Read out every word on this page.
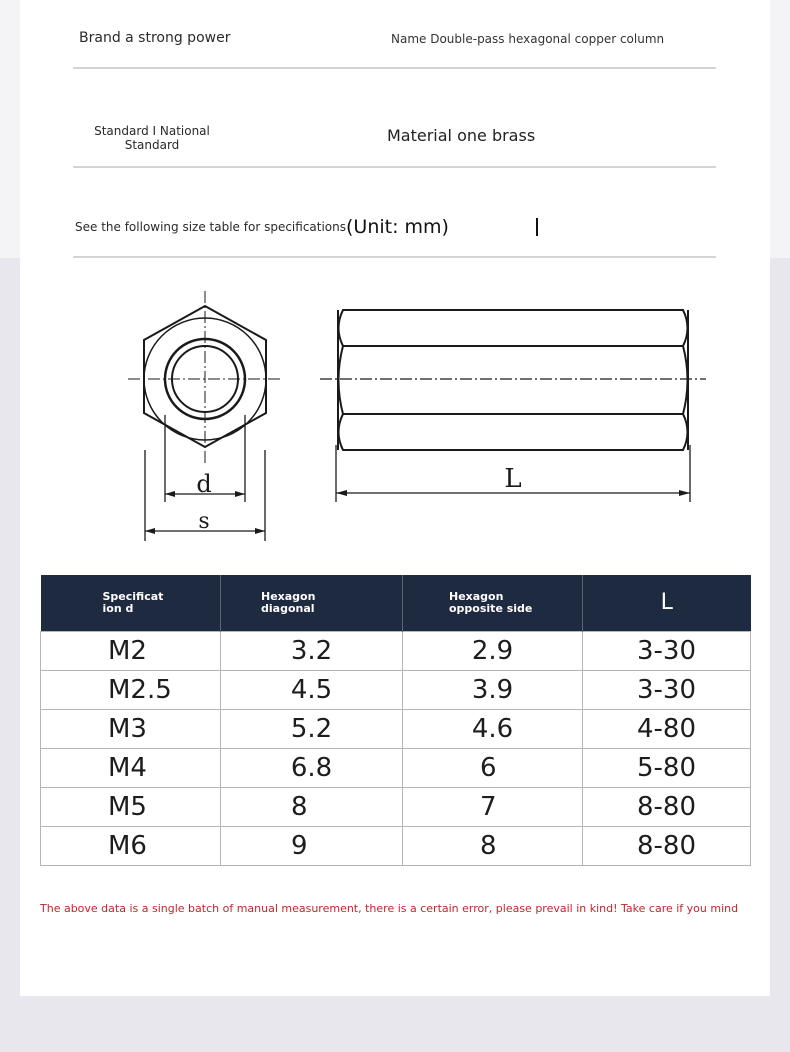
Brand a strong power	Name Double-pass hexagonal copper column
Standard I National Standard	Material one brass
See the following size table for specifications (Unit: mm)
d
s
L
Specification d	Hexagon diagonal	Hexagon opposite side	L

M2	3.2	2.9	3-30
M2.5	4.5	3.9	3-30
M3	5.2	4.6	4-80
M4	6.8	6	5-80
M5	8	7	8-80
M6	9	8	8-80
The above data is a single batch of manual measurement, there is a certain error, please prevail in kind! Take care if you mind
